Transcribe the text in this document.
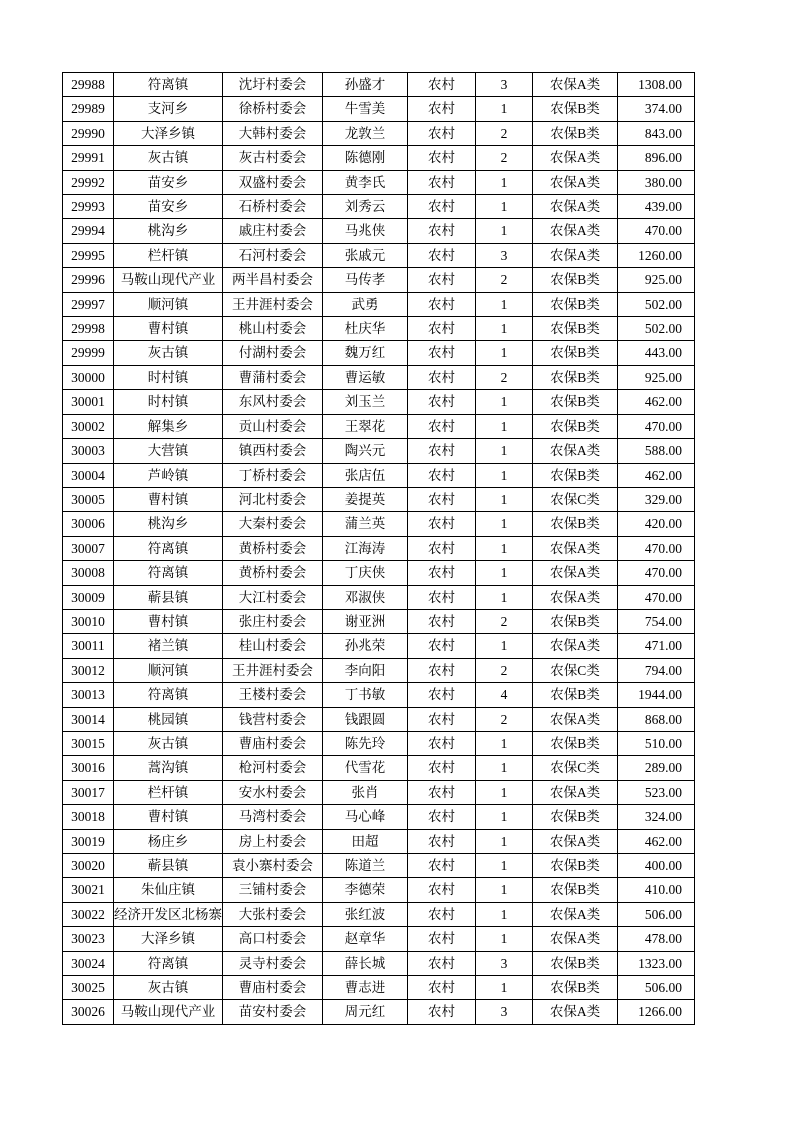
29988	符离镇	沈圩村委会	孙盛才	农村	3	农保A类	1308.00

29989	支河乡	徐桥村委会	牛雪美	农村	1	农保B类	374.00

29990	大泽乡镇	大韩村委会	龙敦兰	农村	2	农保B类	843.00

29991	灰古镇	灰古村委会	陈德刚	农村	2	农保A类	896.00

29992	苗安乡	双盛村委会	黄李氏	农村	1	农保A类	380.00

29993	苗安乡	石桥村委会	刘秀云	农村	1	农保A类	439.00

29994	桃沟乡	戚庄村委会	马兆侠	农村	1	农保A类	470.00

29995	栏杆镇	石河村委会	张戚元	农村	3	农保A类	1260.00

29996	马鞍山现代产业	两半昌村委会	马传孝	农村	2	农保B类	925.00

29997	顺河镇	王井涯村委会	武勇	农村	1	农保B类	502.00

29998	曹村镇	桃山村委会	杜庆华	农村	1	农保B类	502.00

29999	灰古镇	付湖村委会	魏万红	农村	1	农保B类	443.00

30000	时村镇	曹蒲村委会	曹运敏	农村	2	农保B类	925.00

30001	时村镇	东风村委会	刘玉兰	农村	1	农保B类	462.00

30002	解集乡	贡山村委会	王翠花	农村	1	农保B类	470.00

30003	大营镇	镇西村委会	陶兴元	农村	1	农保A类	588.00

30004	芦岭镇	丁桥村委会	张店伍	农村	1	农保B类	462.00

30005	曹村镇	河北村委会	姜提英	农村	1	农保C类	329.00

30006	桃沟乡	大秦村委会	蒲兰英	农村	1	农保B类	420.00

30007	符离镇	黄桥村委会	江海涛	农村	1	农保A类	470.00

30008	符离镇	黄桥村委会	丁庆侠	农村	1	农保A类	470.00

30009	蕲县镇	大江村委会	邓淑侠	农村	1	农保A类	470.00

30010	曹村镇	张庄村委会	谢亚洲	农村	2	农保B类	754.00

30011	褚兰镇	桂山村委会	孙兆荣	农村	1	农保A类	471.00

30012	顺河镇	王井涯村委会	李向阳	农村	2	农保C类	794.00

30013	符离镇	王楼村委会	丁书敏	农村	4	农保B类	1944.00

30014	桃园镇	钱营村委会	钱跟圆	农村	2	农保A类	868.00

30015	灰古镇	曹庙村委会	陈先玲	农村	1	农保B类	510.00

30016	蒿沟镇	枪河村委会	代雪花	农村	1	农保C类	289.00

30017	栏杆镇	安水村委会	张肖	农村	1	农保A类	523.00

30018	曹村镇	马湾村委会	马心峰	农村	1	农保B类	324.00

30019	杨庄乡	房上村委会	田超	农村	1	农保A类	462.00

30020	蕲县镇	袁小寨村委会	陈道兰	农村	1	农保B类	400.00

30021	朱仙庄镇	三铺村委会	李德荣	农村	1	农保B类	410.00

30022	经济开发区北杨寨	大张村委会	张红波	农村	1	农保A类	506.00

30023	大泽乡镇	高口村委会	赵章华	农村	1	农保A类	478.00

30024	符离镇	灵寺村委会	薛长城	农村	3	农保B类	1323.00

30025	灰古镇	曹庙村委会	曹志进	农村	1	农保B类	506.00

30026	马鞍山现代产业	苗安村委会	周元红	农村	3	农保A类	1266.00
